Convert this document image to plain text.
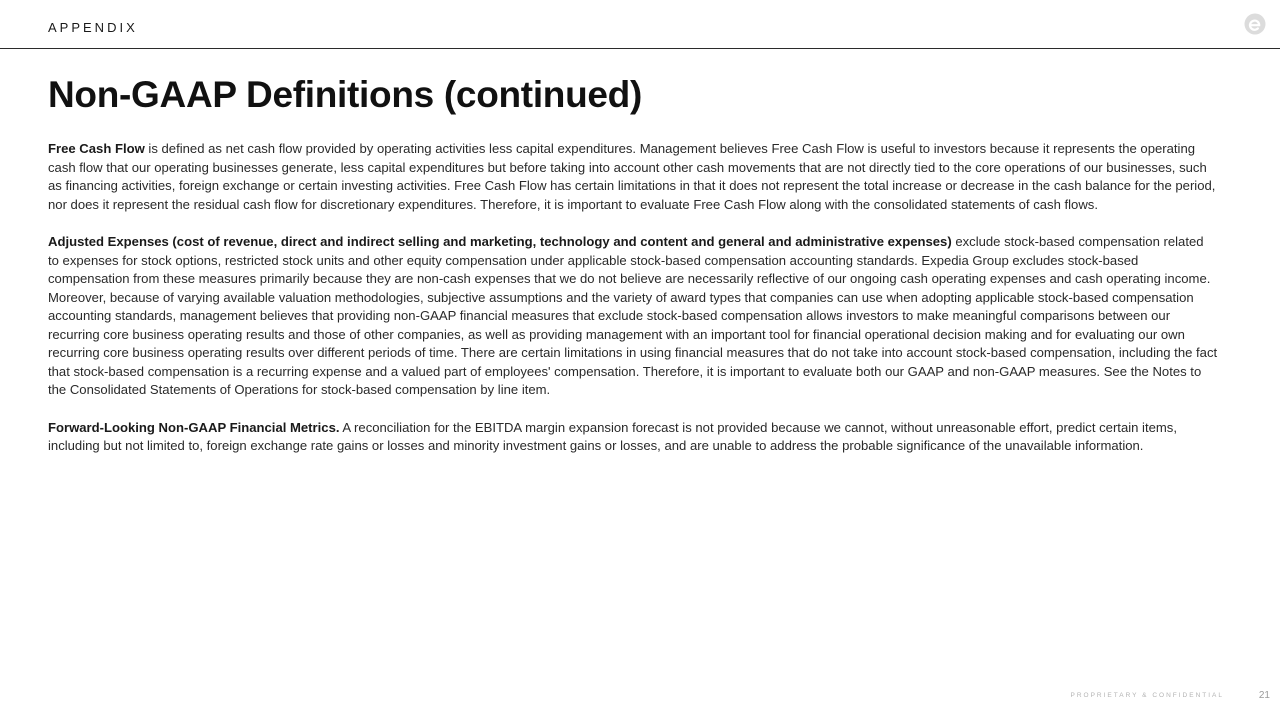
APPENDIX
Non-GAAP Definitions (continued)

Free Cash Flow is defined as net cash flow provided by operating activities less capital expenditures. Management believes Free Cash Flow is useful to investors because it represents the operating cash flow that our operating businesses generate, less capital expenditures but before taking into account other cash movements that are not directly tied to the core operations of our businesses, such as financing activities, foreign exchange or certain investing activities. Free Cash Flow has certain limitations in that it does not represent the total increase or decrease in the cash balance for the period, nor does it represent the residual cash flow for discretionary expenditures. Therefore, it is important to evaluate Free Cash Flow along with the consolidated statements of cash flows.

Adjusted Expenses (cost of revenue, direct and indirect selling and marketing, technology and content and general and administrative expenses) exclude stock-based compensation related to expenses for stock options, restricted stock units and other equity compensation under applicable stock-based compensation accounting standards. Expedia Group excludes stock-based compensation from these measures primarily because they are non-cash expenses that we do not believe are necessarily reflective of our ongoing cash operating expenses and cash operating income. Moreover, because of varying available valuation methodologies, subjective assumptions and the variety of award types that companies can use when adopting applicable stock-based compensation accounting standards, management believes that providing non-GAAP financial measures that exclude stock-based compensation allows investors to make meaningful comparisons between our recurring core business operating results and those of other companies, as well as providing management with an important tool for financial operational decision making and for evaluating our own recurring core business operating results over different periods of time. There are certain limitations in using financial measures that do not take into account stock-based compensation, including the fact that stock-based compensation is a recurring expense and a valued part of employees' compensation. Therefore, it is important to evaluate both our GAAP and non-GAAP measures. See the Notes to the Consolidated Statements of Operations for stock-based compensation by line item.

Forward-Looking Non-GAAP Financial Metrics. A reconciliation for the EBITDA margin expansion forecast is not provided because we cannot, without unreasonable effort, predict certain items, including but not limited to, foreign exchange rate gains or losses and minority investment gains or losses, and are unable to address the probable significance of the unavailable information.

PROPRIETARY & CONFIDENTIAL	21
